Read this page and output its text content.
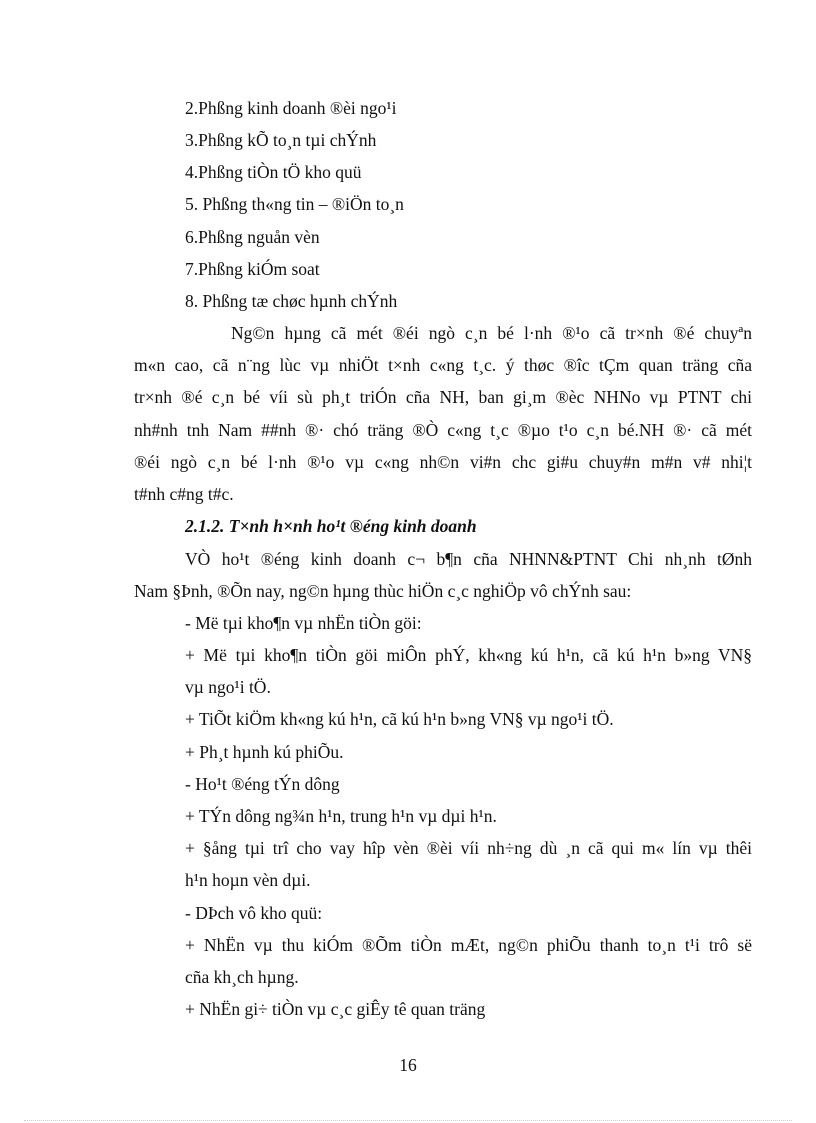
2.Phßng kinh doanh ®èi ngo¹i
3.Phßng kÕ to¸n tµi chÝnh
4.Phßng tiÒn tÖ kho quü
5. Phßng th«ng tin – ®iÖn to¸n
6.Phßng nguån vèn
7.Phßng kiÓm soat
8. Phßng tæ chøc hµnh chÝnh
Ng©n hµng cã mét ®éi ngò c¸n bé l·nh ®¹o cã tr×nh ®é chuyªn
m«n cao, cã n¨ng lùc vµ nhiÖt t×nh c«ng t¸c. ý thøc ®îc tÇm quan träng cña
tr×nh ®é c¸n bé víi sù ph¸t triÓn cña NH, ban gi¸m ®èc NHNo vµ PTNT chi
nh#nh tnh Nam ##nh ®· chó träng ®Ò c«ng t¸c ®µo t¹o c¸n bé.NH ®· cã mét
®éi ngò c¸n bé l·nh ®¹o vµ c«ng nh©n vi#n chc gi#u chuy#n m#n v# nhi¦t
t#nh c#ng t#c.
2.1.2. T×nh h×nh ho¹t ®éng kinh doanh
VÒ ho¹t ®éng kinh doanh c¬ b¶n cña NHNN&PTNT Chi nh¸nh tØnh
Nam §Þnh, ®Õn nay, ng©n hµng thùc hiÖn c¸c nghiÖp vô chÝnh sau:
- Më tµi kho¶n vµ nhËn tiÒn göi:
+ Më tµi kho¶n tiÒn göi miÔn phÝ, kh«ng kú h¹n, cã kú h¹n b»ng VN§
vµ ngo¹i tÖ.
+ TiÕt kiÖm kh«ng kú h¹n, cã kú h¹n b»ng VN§ vµ ngo¹i tÖ.
+ Ph¸t hµnh kú phiÕu.
- Ho¹t ®éng tÝn dông
+ TÝn dông ng¾n h¹n, trung h¹n vµ dµi h¹n.
+ §ång tµi trî cho vay hîp vèn ®èi víi nh÷ng dù ¸n cã qui m« lín vµ thêi
h¹n hoµn vèn dµi.
- DÞch vô kho quü:
+ NhËn vµ thu kiÓm ®Õm tiÒn mÆt, ng©n phiÕu thanh to¸n t¹i trô së
cña kh¸ch hµng.
+ NhËn gi÷ tiÒn vµ c¸c giÊy tê quan träng
16
